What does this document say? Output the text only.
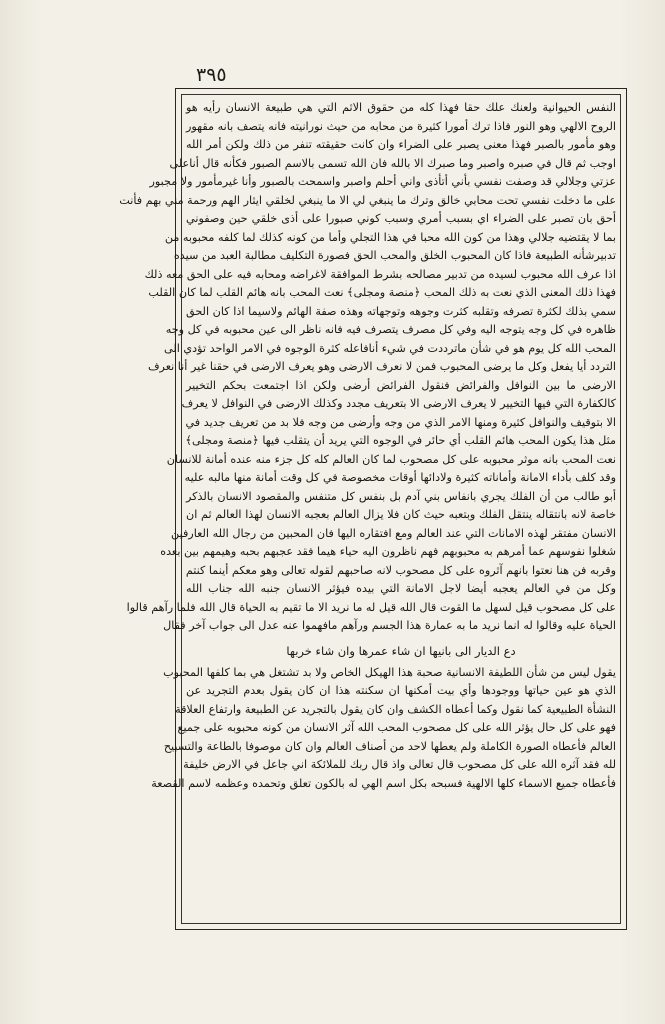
٣٩٥
النفس الحيوانية ولعنك علك حقا فهذا كله من حقوق الاثم التي هي طبيعة الانسان رأيه هو
الروح الالهي وهو النور فاذا ترك أمورا كثيرة من محابه من حيث نورانيته فانه يتصف بانه مقهور
وهو مأمور بالصبر فهذا معنى يصبر على الضراء وان كانت حقيقته تنفر من ذلك ولكن أمر الله
اوجب ثم قال في صبره واصبر وما صبرك الا بالله فان الله تسمى بالاسم الصبور فكأنه قال أناعلى
عزتي وجلالي قد وصفت نفسي بأني أتأذى واني أحلم واصبر واسمحت بالصبور وأنا غيرمأمور ولا مجبور
على ما دخلت نفسي تحت محابي خالق وترك ما ينبغي لي الا ما ينبغي لخلقي ايثار الهم ورحمة مني بهم فأنت
أحق بان تصبر على الضراء اي بسبب أمري وسبب كوني صبورا على أذى خلقي حين وصفوني
بما لا يقتضيه جلالي وهذا من كون الله محبا في هذا التجلي وأما من كونه كذلك لما كلفه محبوبه من
تدبيرشأنه الطبيعة فاذا كان المحبوب الخلق والمحب الحق فصورة التكليف مطالبة العبد من سيده
اذا عرف الله محبوب لسيده من تدبير مصالحه بشرط الموافقة لاغراضه ومحابه فيه على الحق معه ذلك
فهذا ذلك المعنى الذي نعت به ذلك المحب ﴿منصة ومجلى﴾ نعت المحب بانه هائم القلب لما كان القلب
سمي بذلك لكثرة تصرفه وتقلبه كثرت وجوهه وتوجهاته وهذه صفة الهائم ولاسيما اذا كان الحق
ظاهره في كل وجه يتوجه اليه وفي كل مصرف يتصرف فيه فانه ناظر الى عين محبوبه في كل وجه
المحب الله كل يوم هو في شأن ماترددت في شيء أنافاعله كثرة الوجوه في الامر الواحد تؤدي الى
التردد أيا يفعل وكل ما يرضى المحبوب فمن لا نعرف الارضى وهو يعرف الارضى في حقنا غير أنا نعرف
الارضى ما بين النوافل والفرائض فنقول الفرائض أرضى ولكن اذا اجتمعت بحكم التخيير
كالكفارة التي فيها التخيير لا يعرف الارضى الا بتعريف مجدد وكذلك الارضى في النوافل لا يعرف
الا بتوقيف والنوافل كثيرة ومنها الامر الذي من وجه وأرضى من وجه فلا بد من تعريف جديد في
مثل هذا يكون المحب هائم القلب أي حائر في الوجوه التي يريد أن يتقلب فيها ﴿منصة ومجلى﴾
نعت المحب بانه موثر محبوبه على كل مصحوب لما كان العالم كله كل جزء منه عنده أمانة للانسان
وقد كلف بأداء الامانة وأماناته كثيرة ولادائها أوقات مخصوصة في كل وقت أمانة منها مالبه عليه
أبو طالب من أن الفلك يجري بانفاس بني آدم بل بنفس كل متنفس والمقصود الانسان بالذكر
خاصة لانه بانتقاله ينتقل الفلك وبتعبه حيث كان فلا يزال العالم بعجبه الانسان لهذا العالم ثم ان
الانسان مفتقر لهذه الامانات التي عند العالم ومع افتقاره اليها فان المحبين من رجال الله العارفين
شغلوا نفوسهم عما أمرهم به محبوبهم فهم ناظرون اليه حياء هيما فقد عجبهم بحبه وهيمهم بين بعده
وقربه فن هنا نعتوا بانهم آثروه على كل مصحوب لانه صاحبهم لقوله تعالى وهو معكم أينما كنتم
وكل من في العالم يعجبه أيضا لاجل الامانة التي بيده فيؤثر الانسان جنبه الله جناب الله
على كل مصحوب قيل لسهل ما القوت قال الله قيل له ما نريد الا ما تقيم به الحياة قال الله فلما رآهم قالوا
الحياة عليه وقالوا له انما نريد ما به عمارة هذا الجسم ورآهم مافهموا عنه عدل الى جواب آخر فقال
دع الديار الى بانيها ان شاء عمرها وان شاء خربها
يقول ليس من شأن اللطيفة الانسانية صحبة هذا الهيكل الخاص ولا بد تشتغل هي بما كلفها المحبوب
الذي هو عين حياتها ووجودها وأي بيت أمكنها ان سكنته هذا ان كان يقول بعدم التجريد عن
النشأة الطبيعية كما نقول وكما أعطاه الكشف وان كان يقول بالتجريد عن الطبيعة وارتفاع العلاقة
فهو على كل حال يؤثر الله على كل مصحوب المحب الله آثر الانسان من كونه محبوبه على جميع
العالم فأعطاه الصورة الكاملة ولم يعطها لاحد من أصناف العالم وان كان موصوفا بالطاعة والتسبيح
لله فقد آثره الله على كل مصحوب قال تعالى واذ قال ربك للملائكة اني جاعل في الارض خليفة
فأعطاه جميع الاسماء كلها الالهية فسبحه بكل اسم الهي له بالكون تعلق وتحمده وعظمه لاسم القصعة
